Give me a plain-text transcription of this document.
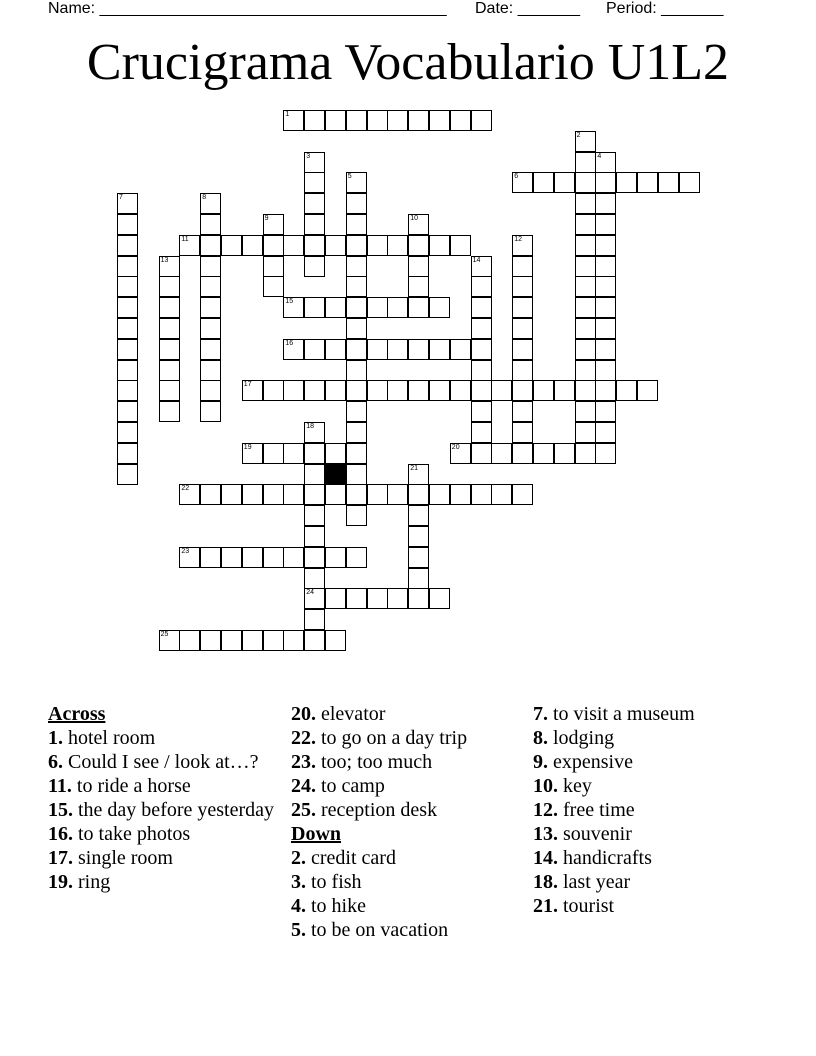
Name: _______________________________________ Date: _______ Period: _______
Crucigrama Vocabulario U1L2
1
6
11
15
16
17
19	20
22
23
24
25
2
3	4
5
7	8
9	10
12
13	14
18
21
Across
1. hotel room
6. Could I see / look at…?
11. to ride a horse
15. the day before yesterday
16. to take photos
17. single room
19. ring
20. elevator
22. to go on a day trip
23. too; too much
24. to camp
25. reception desk
Down
2. credit card
3. to fish
4. to hike
5. to be on vacation
7. to visit a museum
8. lodging
9. expensive
10. key
12. free time
13. souvenir
14. handicrafts
18. last year
21. tourist
